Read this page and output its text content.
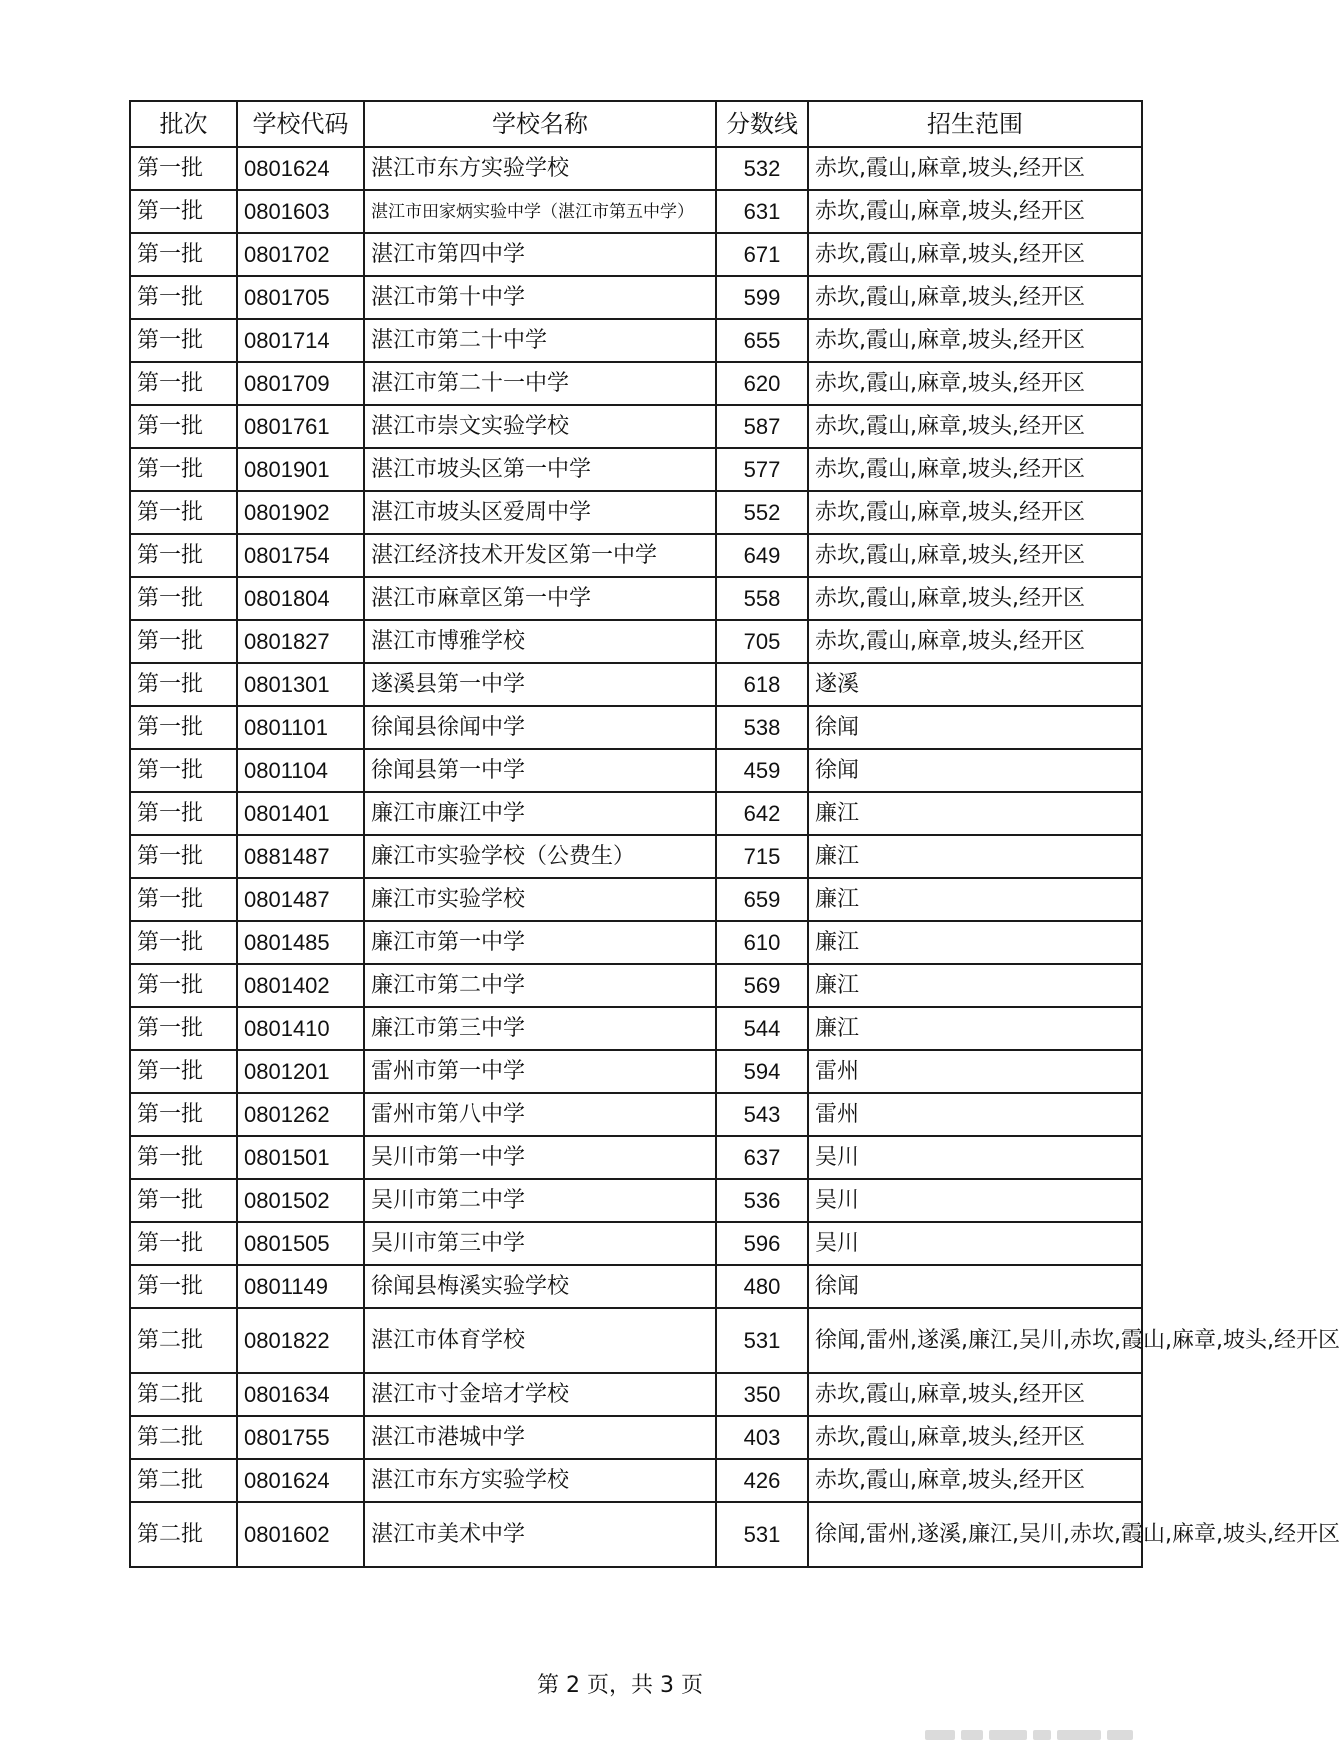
批次	学校代码	学校名称	分数线	招生范围
第一批	0801624	湛江市东方实验学校	532	赤坎,霞山,麻章,坡头,经开区
第一批	0801603	湛江市田家炳实验中学（湛江市第五中学）	631	赤坎,霞山,麻章,坡头,经开区
第一批	0801702	湛江市第四中学	671	赤坎,霞山,麻章,坡头,经开区
第一批	0801705	湛江市第十中学	599	赤坎,霞山,麻章,坡头,经开区
第一批	0801714	湛江市第二十中学	655	赤坎,霞山,麻章,坡头,经开区
第一批	0801709	湛江市第二十一中学	620	赤坎,霞山,麻章,坡头,经开区
第一批	0801761	湛江市崇文实验学校	587	赤坎,霞山,麻章,坡头,经开区
第一批	0801901	湛江市坡头区第一中学	577	赤坎,霞山,麻章,坡头,经开区
第一批	0801902	湛江市坡头区爱周中学	552	赤坎,霞山,麻章,坡头,经开区
第一批	0801754	湛江经济技术开发区第一中学	649	赤坎,霞山,麻章,坡头,经开区
第一批	0801804	湛江市麻章区第一中学	558	赤坎,霞山,麻章,坡头,经开区
第一批	0801827	湛江市博雅学校	705	赤坎,霞山,麻章,坡头,经开区
第一批	0801301	遂溪县第一中学	618	遂溪
第一批	0801101	徐闻县徐闻中学	538	徐闻
第一批	0801104	徐闻县第一中学	459	徐闻
第一批	0801401	廉江市廉江中学	642	廉江
第一批	0881487	廉江市实验学校（公费生）	715	廉江
第一批	0801487	廉江市实验学校	659	廉江
第一批	0801485	廉江市第一中学	610	廉江
第一批	0801402	廉江市第二中学	569	廉江
第一批	0801410	廉江市第三中学	544	廉江
第一批	0801201	雷州市第一中学	594	雷州
第一批	0801262	雷州市第八中学	543	雷州
第一批	0801501	吴川市第一中学	637	吴川
第一批	0801502	吴川市第二中学	536	吴川
第一批	0801505	吴川市第三中学	596	吴川
第一批	0801149	徐闻县梅溪实验学校	480	徐闻
第二批	0801822	湛江市体育学校	531	徐闻,雷州,遂溪,廉江,吴川,赤坎,霞山,麻章,坡头,经开区
第二批	0801634	湛江市寸金培才学校	350	赤坎,霞山,麻章,坡头,经开区
第二批	0801755	湛江市港城中学	403	赤坎,霞山,麻章,坡头,经开区
第二批	0801624	湛江市东方实验学校	426	赤坎,霞山,麻章,坡头,经开区
第二批	0801602	湛江市美术中学	531	徐闻,雷州,遂溪,廉江,吴川,赤坎,霞山,麻章,坡头,经开区
第 2 页，共 3 页
